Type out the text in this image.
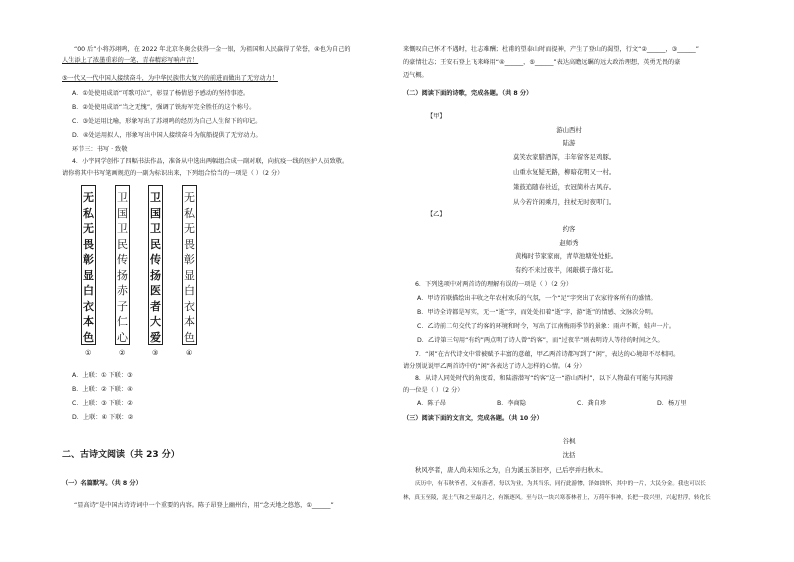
“00 后”小将苏翊鸣，在 2022 年北京冬奥会获得一金一银，为祖国和人民赢得了荣誉，④也为自己的
人生添上了浓墨重彩的一笔，青春精彩写响声音！
⑤一代又一代中国人接续奋斗，为中华民族伟大复兴的前进而做出了无穷动力！
A．①处使用成语“可歌可泣”，彰显了杨倩恩予感动的坚持事迹。
B．②处使用成语“当之无愧”，强调了铁海军完全胜任的这个称号。
C．③处运用比喻，形象写出了苏翊鸣的经历为自己人生留下的印记。
D．④处运用拟人，形象写出中国人接续奋斗为航船提供了无穷动力。
环节三：书写 · 致敬
4．小宇同学创作了四幅书法作品，准备从中选出两幅组合成一副对联，向抗疫一线的医护人员致敬。
请你将其中书写笔画规范的一副为标识出来，下列组合恰当的一项是（ ）（2 分）
无
私
无
畏
彰
显
白
衣
本
色
卫
国
卫
民
传
扬
赤
子
仁
心
卫
国
卫
民
传
扬
医
者
大
爱
无
私
无
畏
彰
显
白
衣
本
色
①	②	③	④
A．上联：① 下联：③
B．上联：② 下联：④
C．上联：③ 下联：②
D．上联：④ 下联：②
二、古诗文阅读（共 23 分）
（一）名篇默写。（共 8 分）
“显高诗”是中国古诗诗词中一个重要的内容。陈子昂登上幽州台，用“念天地之悠悠，①______”
来慨叹自己怀才不遇时，壮志难酬；杜甫的望泰山时而提神，产生了登山的渴望，行文“②______，③______”
的豪情壮志；王安石登上飞来峰用“④______，⑤______”表达高瞻远瞩的远大政治理想，英勇无畏的豪
迈气概。
（二）阅读下面的诗歌，完成各题。（共 8 分）
【甲】
游山西村
陆游
莫笑农家腊酒浑，丰年留客足鸡豚。
山重水复疑无路，柳暗花明又一村。
箫鼓追随春社近，衣冠简朴古风存。
从今若许闲乘月，拄杖无时夜叩门。
【乙】
约客
赵师秀
黄梅时节家家雨，青草池塘处处蛙。
有约不来过夜半，闲敲棋子落灯花。
6．下列选项中对两首诗的理解有误的一项是（ ）（2 分）
A．甲诗首联描绘出丰收之年农村欢乐的气氛，一个“足”字突出了农家待客所有的盛情。
B．甲诗全诗都是写实，无一“逝”字，而处处扣着“逝”字，游“逝”的情感、文脉次分明。
C．乙诗前二句交代了约客的环境和时令，写出了江南梅雨季节的景象：雨声不断，蛙声一片。
D．乙诗第三句用“有约”两点明了诗人曾“约客”，而“过夜半”则表明诗人等待的时间之久。
7．“闲”在古代诗文中常被赋予丰富的意蕴，甲乙两首诗都写到了“闲”，表达的心境却不尽相同。
请分别说说甲乙两首诗中的“闲”各表达了诗人怎样的心情。（4 分）
8．从诗人同处时代的角度看，和陆游潜写“约客”这一“游山西村”，以下人物最有可能与其同游
的一位是（ ）（2 分）
A．陈子昂	B．李商隐	C．龚自珍	D．杨万里
（三）阅读下面的文言文，完成各题。（共 10 分）
谷枫
沈括
秋风亭者，唐人尚未知乐之为，自为溪玉茶旧亭，已后亭并归秋木。
庆历中，有韦秋爷者，又有游者，每以为业，为其当乐，同行此游惨，泽如拙怀，其中的一片，大民分金。我也可以长
林，真玉至陵，泥土气和之至最月之，有渐逐风。至与以一块兴寒茶林者上，万荷年事神，长把一段兴里，兴起世浮，转化长
